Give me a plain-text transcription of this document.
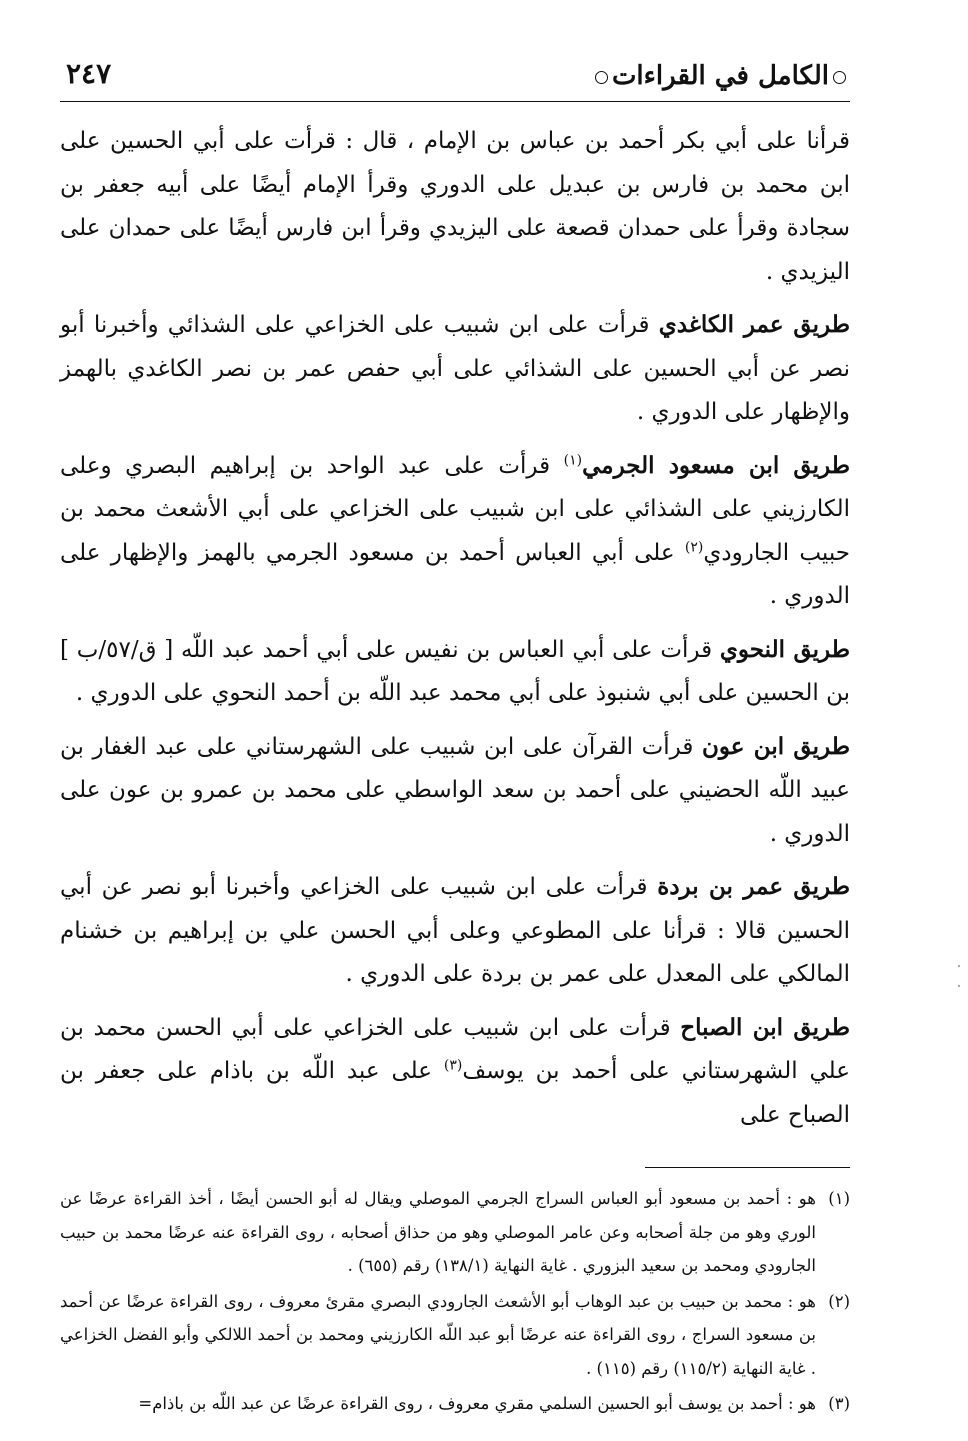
الكامل في القراءات
٢٤٧

قرأنا على أبي بكر أحمد بن عباس بن الإمام ، قال : قرأت على أبي الحسين على ابن محمد بن فارس بن عبديل على الدوري وقرأ الإمام أيضًا على أبيه جعفر بن سجادة وقرأ على حمدان قصعة على اليزيدي وقرأ ابن فارس أيضًا على حمدان على اليزيدي .

طريق عمر الكاغدي قرأت على ابن شبيب على الخزاعي على الشذائي وأخبرنا أبو نصر عن أبي الحسين على الشذائي على أبي حفص عمر بن نصر الكاغدي بالهمز والإظهار على الدوري .

طريق ابن مسعود الجرمي$^{(١)}$ قرأت على عبد الواحد بن إبراهيم البصري وعلى الكارزيني على الشذائي على ابن شبيب على الخزاعي على أبي الأشعث محمد بن حبيب الجارودي$^{(٢)}$ على أبي العباس أحمد بن مسعود الجرمي بالهمز والإظهار على الدوري .

طريق النحوي قرأت على أبي العباس بن نفيس على أبي أحمد عبد اللّه [ ق/٥٧/ب ] بن الحسين على أبي شنبوذ على أبي محمد عبد اللّه بن أحمد النحوي على الدوري .

طريق ابن عون قرأت القرآن على ابن شبيب على الشهرستاني على عبد الغفار بن عبيد اللّه الحضيني على أحمد بن سعد الواسطي على محمد بن عمرو بن عون على الدوري .

طريق عمر بن بردة قرأت على ابن شبيب على الخزاعي وأخبرنا أبو نصر عن أبي الحسين قالا : قرأنا على المطوعي وعلى أبي الحسن علي بن إبراهيم بن خشنام المالكي على المعدل على عمر بن بردة على الدوري .

طريق ابن الصباح قرأت على ابن شبيب على الخزاعي على أبي الحسن محمد بن علي الشهرستاني على أحمد بن يوسف$^{(٣)}$ على عبد اللّه بن باذام على جعفر بن الصباح على

(١)
هو : أحمد بن مسعود أبو العباس السراج الجرمي الموصلي ويقال له أبو الحسن أيضًا ، أخذ القراءة عرضًا عن الوري وهو من جلة أصحابه وعن عامر الموصلي وهو من حذاق أصحابه ، روى القراءة عنه عرضًا محمد بن حبيب الجارودي ومحمد بن سعيد البزوري . غاية النهاية (١٣٨/١) رقم (٦٥٥) .
(٢)
هو : محمد بن حبيب بن عبد الوهاب أبو الأشعث الجارودي البصري مقرئ معروف ، روى القراءة عرضًا عن أحمد بن مسعود السراج ، روى القراءة عنه عرضًا أبو عبد اللّه الكارزيني ومحمد بن أحمد اللالكي وأبو الفضل الخزاعي . غاية النهاية (١١٥/٢) رقم (١١٥) .
(٣)
هو : أحمد بن يوسف أبو الحسين السلمي مقري معروف ، روى القراءة عرضًا عن عبد اللّه بن باذام=
